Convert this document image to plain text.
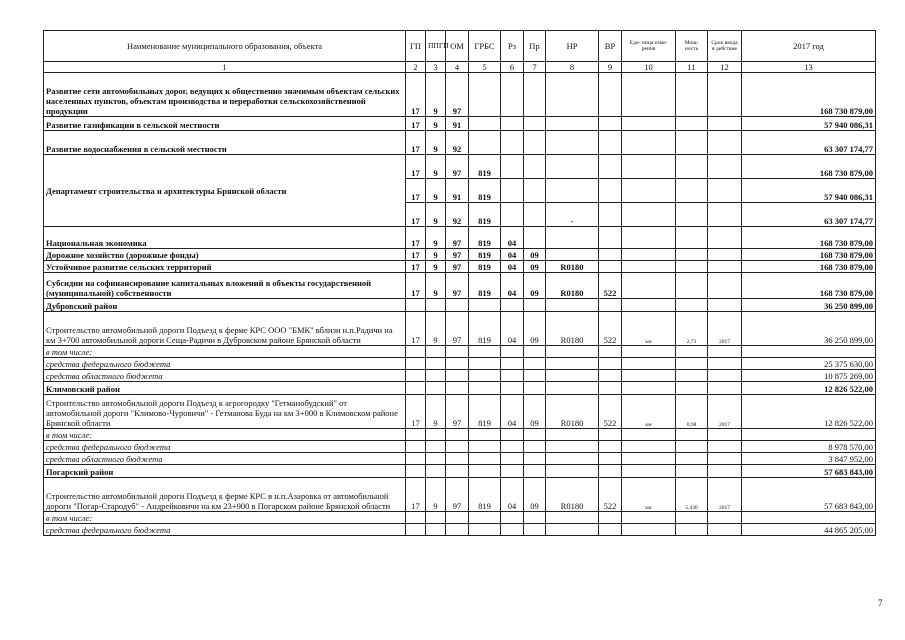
Наименование муниципального образования, объекта	ГП	ППГП	ОМ	ГРБС	Рз	Пр	НР	ВР	Еди- ница изме- рения	Мощ- ность	Срок ввода в действие	2017 год
1	2	3	4	5	6	7	8	9	10	11	12	13
Развитие сети автомобильных дорог, ведущих к общественно значимым объектам сельских населенных пунктов, объектам производства и переработки сельскохозяйственной продукции	17	9	97									168 730 879,00
Развитие газификации в сельской местности	17	9	91									57 940 086,31
Развитие водоснабжения в сельской местности	17	9	92									63 307 174,77
Департамент строительства и архитектуры Брянской области	17	9	97	819								168 730 879,00
	17	9	91	819								57 940 086,31
	17	9	92	819			-					63 307 174,77
Национальная экономика	17	9	97	819	04							168 730 879,00
Дорожное хозяйство (дорожные фонды)	17	9	97	819	04	09						168 730 879,00
Устойчивое развитие сельских территорий	17	9	97	819	04	09	R0180					168 730 879,00
Субсидии на софинансирование капитальных вложений в объекты государственной (муниципальной) собственности	17	9	97	819	04	09	R0180	522				168 730 879,00
Дубровский район												36 250 899,00
Строительство автомобильной дороги Подъезд к ферме КРС ООО "БМК" вблизи н.п.Радичи на км 3+700 автомобильной дороги Сеща-Радичи в Дубровском районе Брянской области	17	9	97	819	04	09	R0180	522	км	2,73	2017	36 250 899,00
в том числе:												
средства федерального бюджета												25 375 630,00
средства областного бюджета												10 875 269,00
Климовский район												12 826 522,00
Строительство автомобильной дороги Подъезд к агрогородку "Гетманобудский" от автомобильной дороги "Климово-Чуровичи" - Гетманова Буда на км 3+000 в Климовском районе Брянской области	17	9	97	819	04	09	R0180	522	км	0,98	2017	12 826 522,00
в том числе:												
средства федерального бюджета												8 978 570,00
средства областного бюджета												3 847 952,00
Погарский район												57 683 843,00
Строительство автомобильной дороги Подъезд к ферме КРС в н.п.Азаровка от автомобильной дороги "Погар-Стародуб" - Андрейковичи на км 23+900 в Погарском районе Брянской области	17	9	97	819	04	09	R0180	522	км	5,436	2017	57 683 843,00
в том числе:												
средства федерального бюджета												44 865 205,00
7
